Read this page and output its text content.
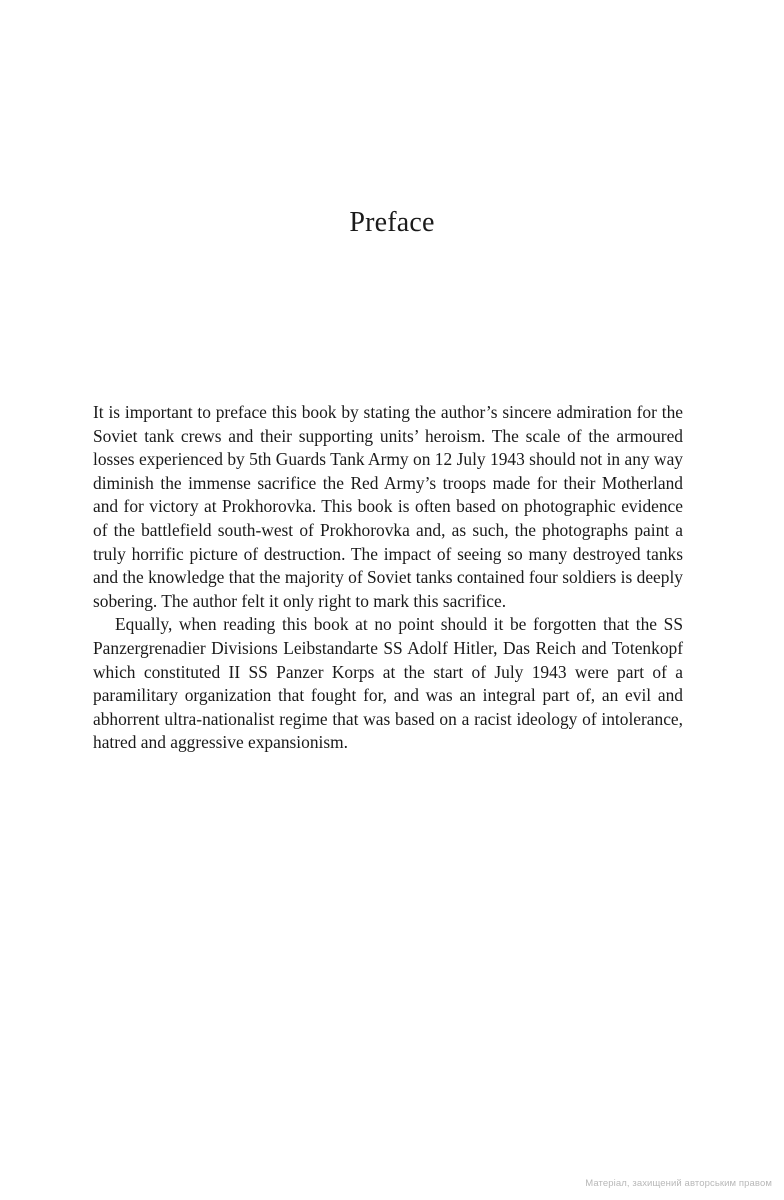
Preface

It is important to preface this book by stating the author’s sincere admiration for the Soviet tank crews and their supporting units’ heroism. The scale of the armoured losses experienced by 5th Guards Tank Army on 12 July 1943 should not in any way diminish the immense sacrifice the Red Army’s troops made for their Motherland and for victory at Prokhorovka. This book is often based on photographic evidence of the battlefield south-west of Prokhorovka and, as such, the photographs paint a truly horrific picture of destruction. The impact of seeing so many destroyed tanks and the knowledge that the majority of Soviet tanks contained four soldiers is deeply sobering. The author felt it only right to mark this sacrifice.

Equally, when reading this book at no point should it be forgotten that the SS Panzergrenadier Divisions Leibstandarte SS Adolf Hitler, Das Reich and Totenkopf which constituted II SS Panzer Korps at the start of July 1943 were part of a paramilitary organization that fought for, and was an integral part of, an evil and abhorrent ultra-nationalist regime that was based on a racist ideology of intolerance, hatred and aggressive expansionism.

Матеріал, захищений авторським правом
